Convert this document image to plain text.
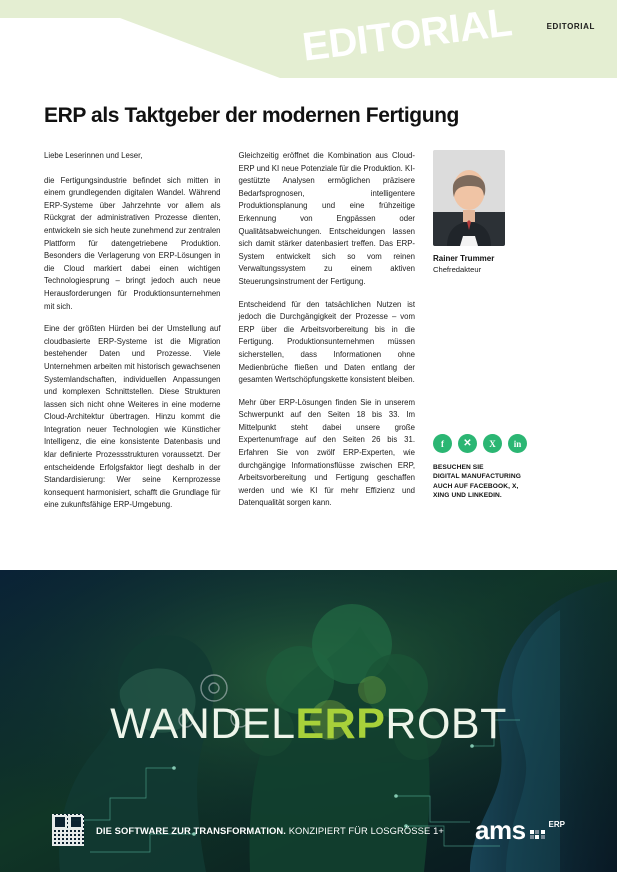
EDITORIAL	EDITORIAL
ERP als Taktgeber der modernen Fertigung

Liebe Leserinnen und Leser,

die Fertigungsindustrie befindet sich mitten in einem grundlegenden digitalen Wandel. Während ERP-Systeme über Jahrzehnte vor allem als Rückgrat der administrativen Prozesse dienten, entwickeln sie sich heute zunehmend zur zentralen Plattform für datengetriebene Produktion. Besonders die Verlagerung von ERP-Lösungen in die Cloud markiert dabei einen wichtigen Technologiesprung – bringt jedoch auch neue Herausforderungen für Produktionsunternehmen mit sich.

Eine der größten Hürden bei der Umstellung auf cloudbasierte ERP-Systeme ist die Migration bestehender Daten und Prozesse. Viele Unternehmen arbeiten mit historisch gewachsenen Systemlandschaften, individuellen Anpassungen und komplexen Schnittstellen. Diese Strukturen lassen sich nicht ohne Weiteres in eine moderne Cloud-Architektur übertragen. Hinzu kommt die Integration neuer Technologien wie Künstlicher Intelligenz, die eine konsistente Datenbasis und klar definierte Prozessstrukturen voraussetzt. Der entscheidende Erfolgsfaktor liegt deshalb in der Standardisierung: Wer seine Kernprozesse konsequent harmonisiert, schafft die Grundlage für eine zukunftsfähige ERP-Umgebung.

Gleichzeitig eröffnet die Kombination aus Cloud-ERP und KI neue Potenziale für die Produktion. KI-gestützte Analysen ermöglichen präzisere Bedarfsprognosen, intelligentere Produktionsplanung und eine frühzeitige Erkennung von Engpässen oder Qualitätsabweichungen. Entscheidungen lassen sich damit stärker datenbasiert treffen. Das ERP-System entwickelt sich so vom reinen Verwaltungssystem zu einem aktiven Steuerungsinstrument der Fertigung.

Entscheidend für den tatsächlichen Nutzen ist jedoch die Durchgängigkeit der Prozesse – vom ERP über die Arbeitsvorbereitung bis in die Fertigung. Produktionsunternehmen müssen sicherstellen, dass Informationen ohne Medienbrüche fließen und Daten entlang der gesamten Wertschöpfungskette konsistent bleiben.

Mehr über ERP-Lösungen finden Sie in unserem Schwerpunkt auf den Seiten 18 bis 33. Im Mittelpunkt steht dabei unsere große Expertenumfrage auf den Seiten 26 bis 31. Erfahren Sie von zwölf ERP-Experten, wie durchgängige Informationsflüsse zwischen ERP, Arbeitsvorbereitung und Fertigung geschaffen werden und wie KI für mehr Effizienz und Datenqualität sorgen kann.

Rainer Trummer
Chefredakteur
f	✕	X	in
BESUCHEN SIE
DIGITAL MANUFACTURING
AUCH AUF FACEBOOK, X,
XING UND LINKEDIN.
WANDELERPROBT
DIE SOFTWARE ZUR TRANSFORMATION. KONZIPIERT FÜR LOSGRÖSSE 1+ ams	ERP
